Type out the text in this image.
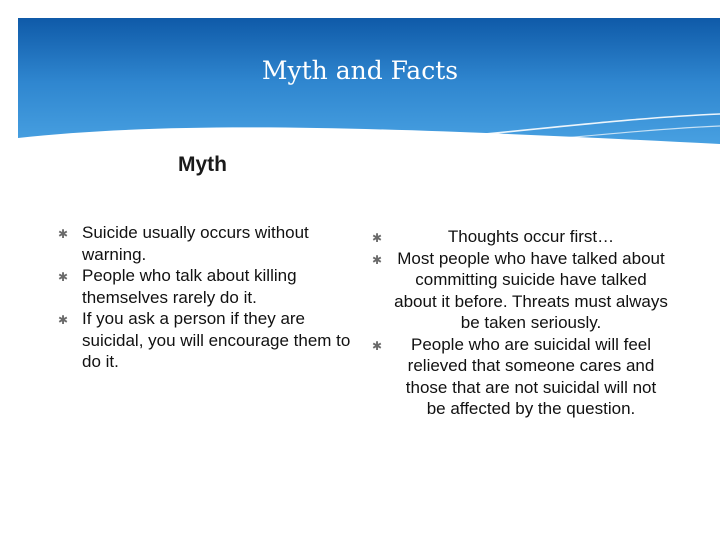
Myth and Facts
Myth
✱ Suicide usually occurs without warning.
✱ People who talk about killing themselves rarely do it.
✱ If you ask a person if they are suicidal, you will encourage them to do it.
✱	Thoughts occur first…
✱ Most people who have talked about committing suicide have talked about it before. Threats must always be taken seriously.
✱	People who are suicidal will feel relieved that someone cares and those that are not suicidal will not be affected by the question.
